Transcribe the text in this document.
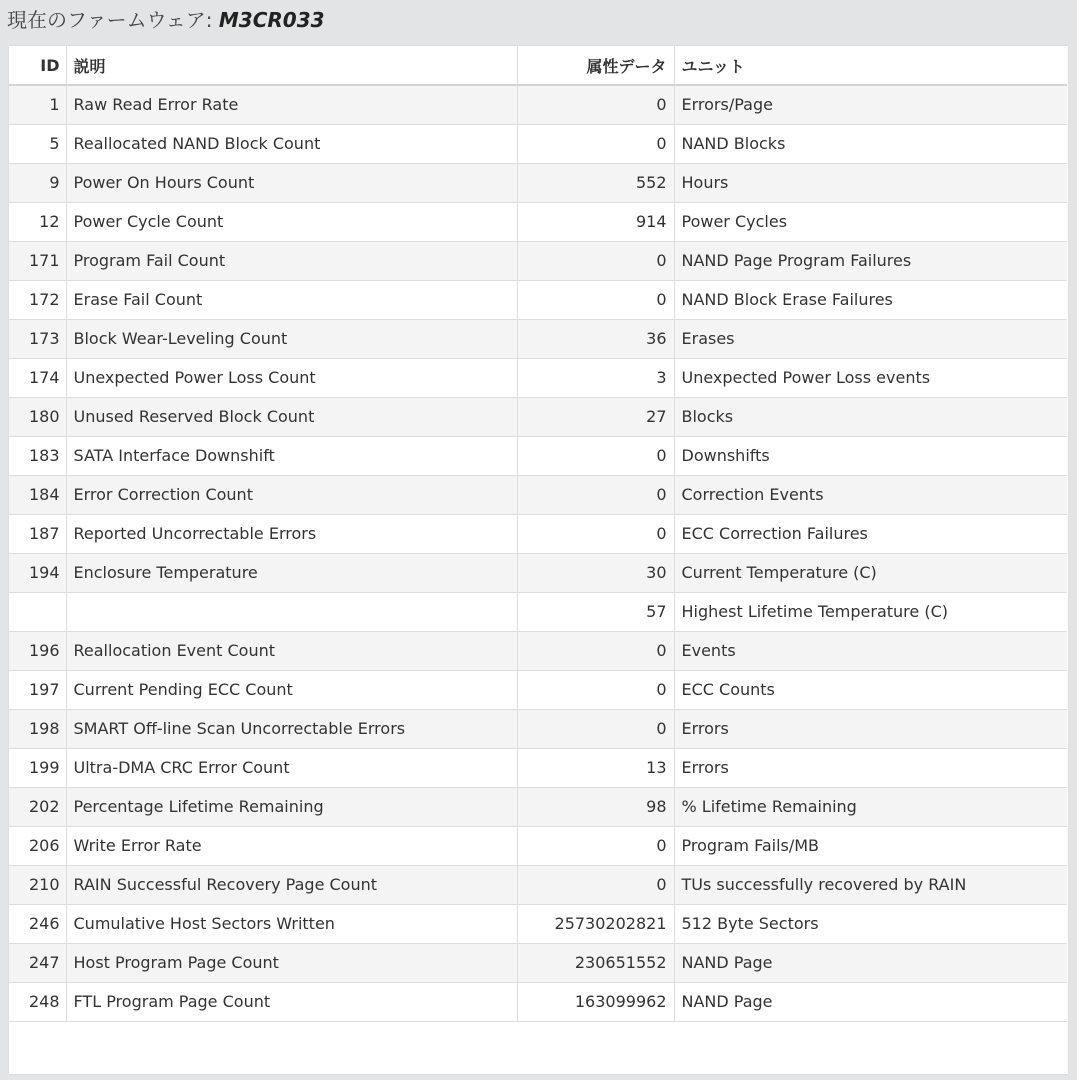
現在のファームウェア: M3CR033
ID	説明	属性データ	ユニット
1	Raw Read Error Rate	0	Errors/Page
5	Reallocated NAND Block Count	0	NAND Blocks
9	Power On Hours Count	552	Hours
12	Power Cycle Count	914	Power Cycles
171	Program Fail Count	0	NAND Page Program Failures
172	Erase Fail Count	0	NAND Block Erase Failures
173	Block Wear-Leveling Count	36	Erases
174	Unexpected Power Loss Count	3	Unexpected Power Loss events
180	Unused Reserved Block Count	27	Blocks
183	SATA Interface Downshift	0	Downshifts
184	Error Correction Count	0	Correction Events
187	Reported Uncorrectable Errors	0	ECC Correction Failures
194	Enclosure Temperature	30	Current Temperature (C)
		57	Highest Lifetime Temperature (C)
196	Reallocation Event Count	0	Events
197	Current Pending ECC Count	0	ECC Counts
198	SMART Off-line Scan Uncorrectable Errors	0	Errors
199	Ultra-DMA CRC Error Count	13	Errors
202	Percentage Lifetime Remaining	98	% Lifetime Remaining
206	Write Error Rate	0	Program Fails/MB
210	RAIN Successful Recovery Page Count	0	TUs successfully recovered by RAIN
246	Cumulative Host Sectors Written	25730202821	512 Byte Sectors
247	Host Program Page Count	230651552	NAND Page
248	FTL Program Page Count	163099962	NAND Page
